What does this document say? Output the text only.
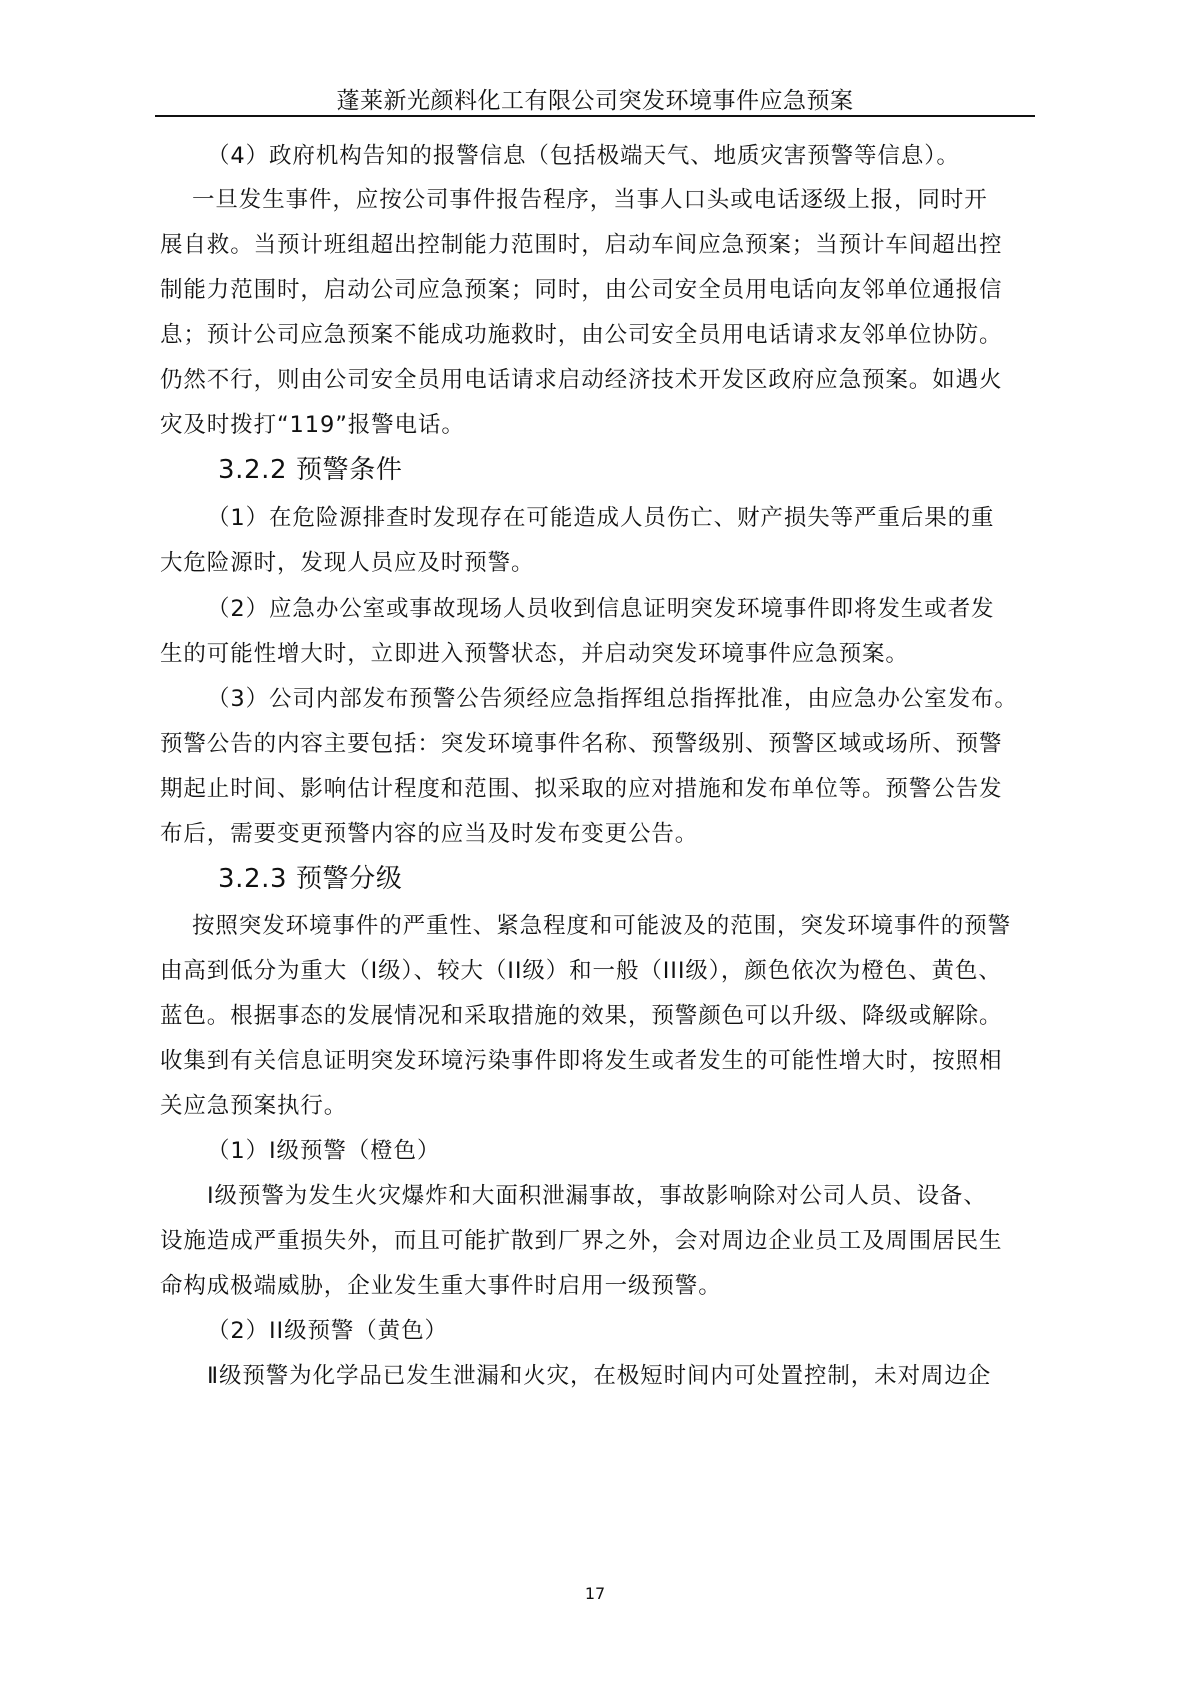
蓬莱新光颜料化工有限公司突发环境事件应急预案
（4）政府机构告知的报警信息（包括极端天气、地质灾害预警等信息）。
一旦发生事件，应按公司事件报告程序，当事人口头或电话逐级上报，同时开
展自救。当预计班组超出控制能力范围时，启动车间应急预案；当预计车间超出控
制能力范围时，启动公司应急预案；同时，由公司安全员用电话向友邻单位通报信
息；预计公司应急预案不能成功施救时，由公司安全员用电话请求友邻单位协防。
仍然不行，则由公司安全员用电话请求启动经济技术开发区政府应急预案。如遇火
灾及时拨打“119”报警电话。
3.2.2 预警条件
（1）在危险源排查时发现存在可能造成人员伤亡、财产损失等严重后果的重
大危险源时，发现人员应及时预警。
（2）应急办公室或事故现场人员收到信息证明突发环境事件即将发生或者发
生的可能性增大时，立即进入预警状态，并启动突发环境事件应急预案。
（3）公司内部发布预警公告须经应急指挥组总指挥批准，由应急办公室发布。
预警公告的内容主要包括：突发环境事件名称、预警级别、预警区域或场所、预警
期起止时间、影响估计程度和范围、拟采取的应对措施和发布单位等。预警公告发
布后，需要变更预警内容的应当及时发布变更公告。
3.2.3 预警分级
按照突发环境事件的严重性、紧急程度和可能波及的范围，突发环境事件的预警
由高到低分为重大（I级）、较大（II级）和一般（III级），颜色依次为橙色、黄色、
蓝色。根据事态的发展情况和采取措施的效果，预警颜色可以升级、降级或解除。
收集到有关信息证明突发环境污染事件即将发生或者发生的可能性增大时，按照相
关应急预案执行。
（1）I级预警（橙色）
Ⅰ级预警为发生火灾爆炸和大面积泄漏事故，事故影响除对公司人员、设备、
设施造成严重损失外，而且可能扩散到厂界之外，会对周边企业员工及周围居民生
命构成极端威胁，企业发生重大事件时启用一级预警。
（2）II级预警（黄色）
Ⅱ级预警为化学品已发生泄漏和火灾，在极短时间内可处置控制，未对周边企
17
